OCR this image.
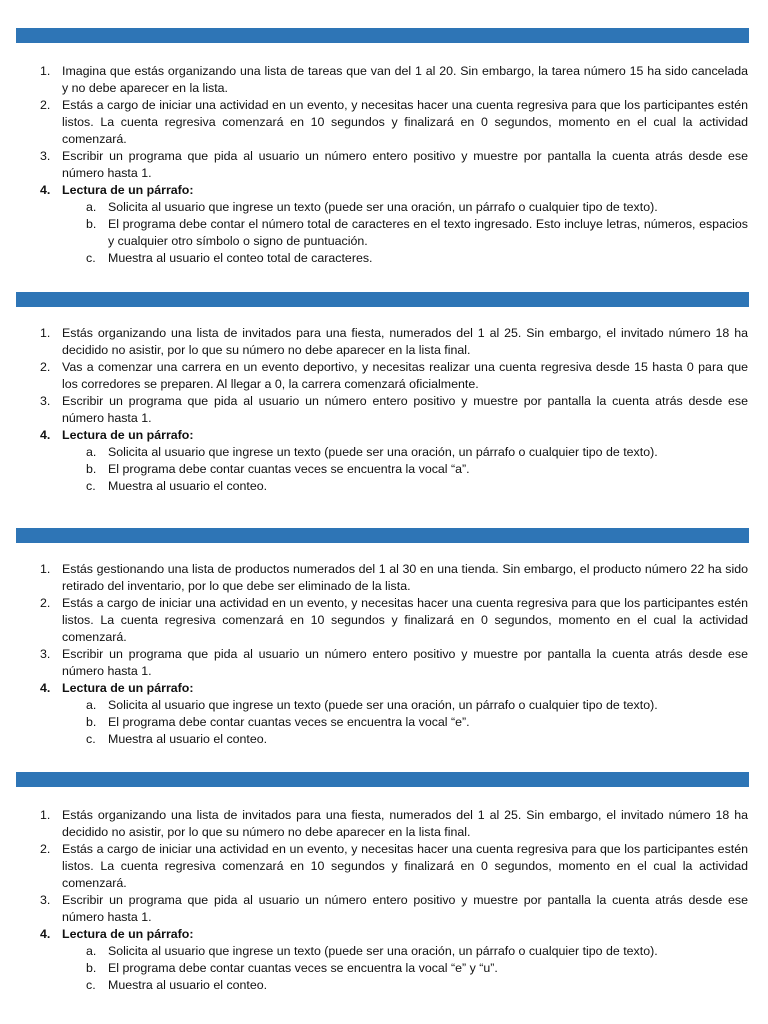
1. Imagina que estás organizando una lista de tareas que van del 1 al 20. Sin embargo, la tarea número 15 ha sido cancelada y no debe aparecer en la lista.
2. Estás a cargo de iniciar una actividad en un evento, y necesitas hacer una cuenta regresiva para que los participantes estén listos. La cuenta regresiva comenzará en 10 segundos y finalizará en 0 segundos, momento en el cual la actividad comenzará.
3. Escribir un programa que pida al usuario un número entero positivo y muestre por pantalla la cuenta atrás desde ese número hasta 1.
4. Lectura de un párrafo:
a. Solicita al usuario que ingrese un texto (puede ser una oración, un párrafo o cualquier tipo de texto).
b. El programa debe contar el número total de caracteres en el texto ingresado. Esto incluye letras, números, espacios y cualquier otro símbolo o signo de puntuación.
c. Muestra al usuario el conteo total de caracteres.
1. Estás organizando una lista de invitados para una fiesta, numerados del 1 al 25. Sin embargo, el invitado número 18 ha decidido no asistir, por lo que su número no debe aparecer en la lista final.
2. Vas a comenzar una carrera en un evento deportivo, y necesitas realizar una cuenta regresiva desde 15 hasta 0 para que los corredores se preparen. Al llegar a 0, la carrera comenzará oficialmente.
3. Escribir un programa que pida al usuario un número entero positivo y muestre por pantalla la cuenta atrás desde ese número hasta 1.
4. Lectura de un párrafo:
a. Solicita al usuario que ingrese un texto (puede ser una oración, un párrafo o cualquier tipo de texto).
b. El programa debe contar cuantas veces se encuentra la vocal “a”.
c. Muestra al usuario el conteo.
1. Estás gestionando una lista de productos numerados del 1 al 30 en una tienda. Sin embargo, el producto número 22 ha sido retirado del inventario, por lo que debe ser eliminado de la lista.
2. Estás a cargo de iniciar una actividad en un evento, y necesitas hacer una cuenta regresiva para que los participantes estén listos. La cuenta regresiva comenzará en 10 segundos y finalizará en 0 segundos, momento en el cual la actividad comenzará.
3. Escribir un programa que pida al usuario un número entero positivo y muestre por pantalla la cuenta atrás desde ese número hasta 1.
4. Lectura de un párrafo:
a. Solicita al usuario que ingrese un texto (puede ser una oración, un párrafo o cualquier tipo de texto).
b. El programa debe contar cuantas veces se encuentra la vocal “e”.
c. Muestra al usuario el conteo.
1. Estás organizando una lista de invitados para una fiesta, numerados del 1 al 25. Sin embargo, el invitado número 18 ha decidido no asistir, por lo que su número no debe aparecer en la lista final.
2. Estás a cargo de iniciar una actividad en un evento, y necesitas hacer una cuenta regresiva para que los participantes estén listos. La cuenta regresiva comenzará en 10 segundos y finalizará en 0 segundos, momento en el cual la actividad comenzará.
3. Escribir un programa que pida al usuario un número entero positivo y muestre por pantalla la cuenta atrás desde ese número hasta 1.
4. Lectura de un párrafo:
a. Solicita al usuario que ingrese un texto (puede ser una oración, un párrafo o cualquier tipo de texto).
b. El programa debe contar cuantas veces se encuentra la vocal “e” y “u”.
c. Muestra al usuario el conteo.
